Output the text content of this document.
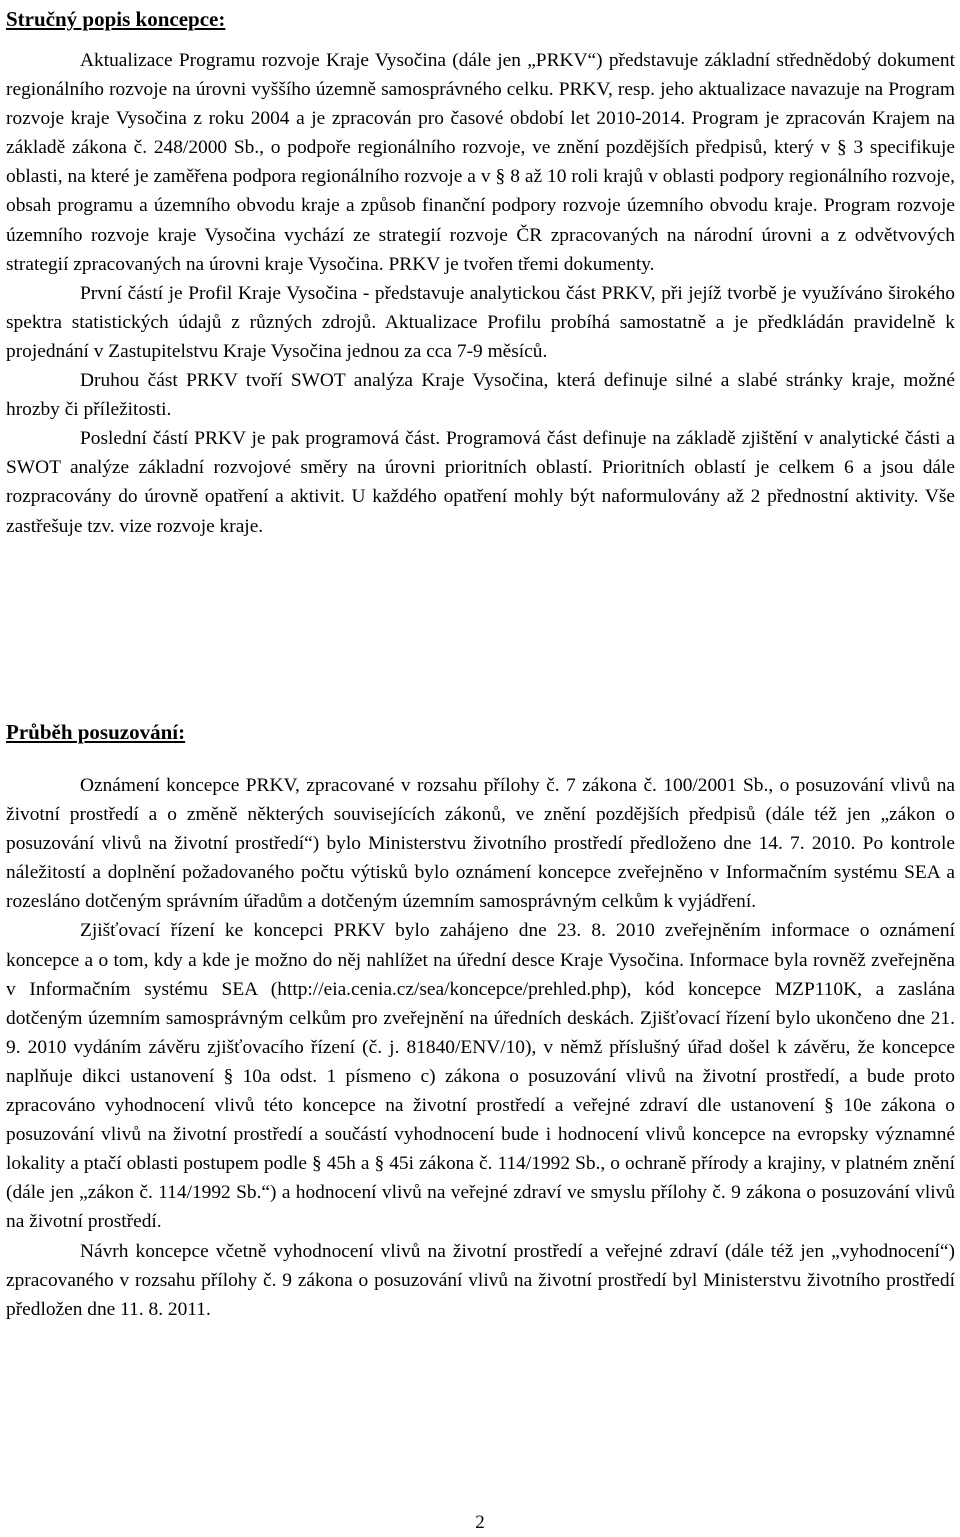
Stručný popis koncepce:

Aktualizace Programu rozvoje Kraje Vysočina (dále jen „PRKV“) představuje základní střednědobý dokument regionálního rozvoje na úrovni vyššího územně samosprávného celku. PRKV, resp. jeho aktualizace navazuje na Program rozvoje kraje Vysočina z roku 2004 a je zpracován pro časové období let 2010-2014. Program je zpracován Krajem na základě zákona č. 248/2000 Sb., o podpoře regionálního rozvoje, ve znění pozdějších předpisů, který v § 3 specifikuje oblasti, na které je zaměřena podpora regionálního rozvoje a v § 8 až 10 roli krajů v oblasti podpory regionálního rozvoje, obsah programu a územního obvodu kraje a způsob finanční podpory rozvoje územního obvodu kraje. Program rozvoje územního rozvoje kraje Vysočina vychází ze strategií rozvoje ČR zpracovaných na národní úrovni a z odvětvových strategií zpracovaných na úrovni kraje Vysočina. PRKV je tvořen třemi dokumenty.

První částí je Profil Kraje Vysočina - představuje analytickou část PRKV, při jejíž tvorbě je využíváno širokého spektra statistických údajů z různých zdrojů. Aktualizace Profilu probíhá samostatně a je předkládán pravidelně k projednání v Zastupitelstvu Kraje Vysočina jednou za cca 7-9 měsíců.

Druhou část PRKV tvoří SWOT analýza Kraje Vysočina, která definuje silné a slabé stránky kraje, možné hrozby či příležitosti.

Poslední částí PRKV je pak programová část. Programová část definuje na základě zjištění v analytické části a SWOT analýze základní rozvojové směry na úrovni prioritních oblastí. Prioritních oblastí je celkem 6 a jsou dále rozpracovány do úrovně opatření a aktivit. U každého opatření mohly být naformulovány až 2 přednostní aktivity. Vše zastřešuje tzv. vize rozvoje kraje.

Průběh posuzování:

Oznámení koncepce PRKV, zpracované v rozsahu přílohy č. 7 zákona č. 100/2001 Sb., o posuzování vlivů na životní prostředí a o změně některých souvisejících zákonů, ve znění pozdějších předpisů (dále též jen „zákon o posuzování vlivů na životní prostředí“) bylo Ministerstvu životního prostředí předloženo dne 14. 7. 2010. Po kontrole náležitostí a doplnění požadovaného počtu výtisků bylo oznámení koncepce zveřejněno v Informačním systému SEA a rozesláno dotčeným správním úřadům a dotčeným územním samosprávným celkům k vyjádření.

Zjišťovací řízení ke koncepci PRKV bylo zahájeno dne 23. 8. 2010 zveřejněním informace o oznámení koncepce a o tom, kdy a kde je možno do něj nahlížet na úřední desce Kraje Vysočina. Informace byla rovněž zveřejněna v Informačním systému SEA (http://eia.cenia.cz/sea/koncepce/prehled.php), kód koncepce MZP110K, a zaslána dotčeným územním samosprávným celkům pro zveřejnění na úředních deskách. Zjišťovací řízení bylo ukončeno dne 21. 9. 2010 vydáním závěru zjišťovacího řízení (č. j. 81840/ENV/10), v němž příslušný úřad došel k závěru, že koncepce naplňuje dikci ustanovení § 10a odst. 1 písmeno c) zákona o posuzování vlivů na životní prostředí, a bude proto zpracováno vyhodnocení vlivů této koncepce na životní prostředí a veřejné zdraví dle ustanovení § 10e zákona o posuzování vlivů na životní prostředí a součástí vyhodnocení bude i hodnocení vlivů koncepce na evropsky významné lokality a ptačí oblasti postupem podle § 45h a § 45i zákona č. 114/1992 Sb., o ochraně přírody a krajiny, v platném znění (dále jen „zákon č. 114/1992 Sb.“) a hodnocení vlivů na veřejné zdraví ve smyslu přílohy č. 9 zákona o posuzování vlivů na životní prostředí.

Návrh koncepce včetně vyhodnocení vlivů na životní prostředí a veřejné zdraví (dále též jen „vyhodnocení“) zpracovaného v rozsahu přílohy č. 9 zákona o posuzování vlivů na životní prostředí byl Ministerstvu životního prostředí předložen dne 11. 8. 2011.

2
